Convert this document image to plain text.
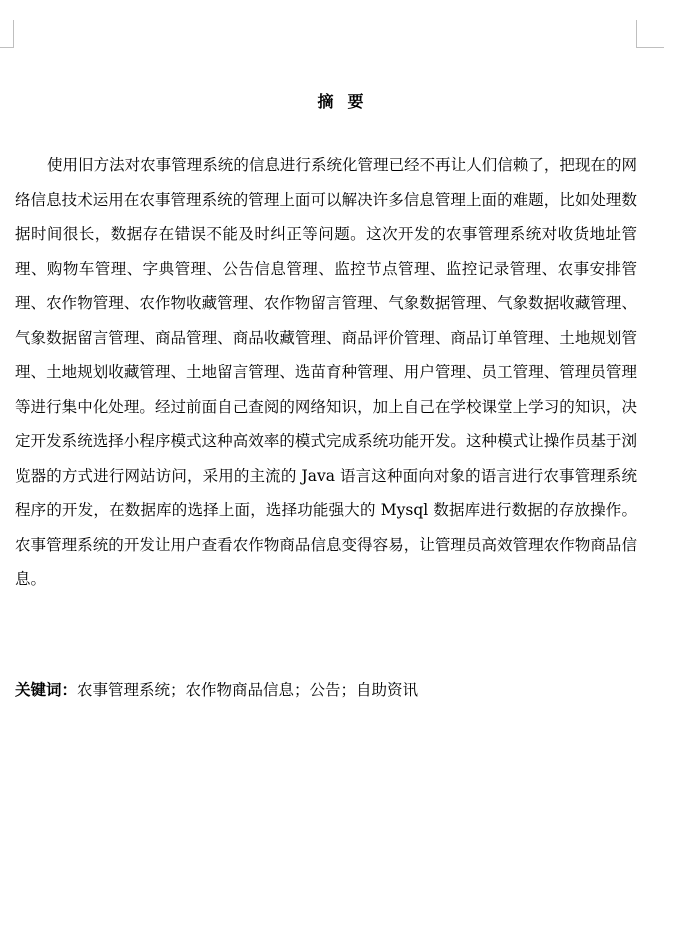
摘要

使用旧方法对农事管理系统的信息进行系统化管理已经不再让人们信赖了，把现在的网络信息技术运用在农事管理系统的管理上面可以解决许多信息管理上面的难题，比如处理数据时间很长，数据存在错误不能及时纠正等问题。这次开发的农事管理系统对收货地址管理、购物车管理、字典管理、公告信息管理、监控节点管理、监控记录管理、农事安排管理、农作物管理、农作物收藏管理、农作物留言管理、气象数据管理、气象数据收藏管理、气象数据留言管理、商品管理、商品收藏管理、商品评价管理、商品订单管理、土地规划管理、土地规划收藏管理、土地留言管理、选苗育种管理、用户管理、员工管理、管理员管理等进行集中化处理。经过前面自己查阅的网络知识，加上自己在学校课堂上学习的知识，决定开发系统选择小程序模式这种高效率的模式完成系统功能开发。这种模式让操作员基于浏览器的方式进行网站访问，采用的主流的 Java 语言这种面向对象的语言进行农事管理系统程序的开发，在数据库的选择上面，选择功能强大的 Mysql 数据库进行数据的存放操作。农事管理系统的开发让用户查看农作物商品信息变得容易，让管理员高效管理农作物商品信息。

关键词：农事管理系统；农作物商品信息；公告；自助资讯
